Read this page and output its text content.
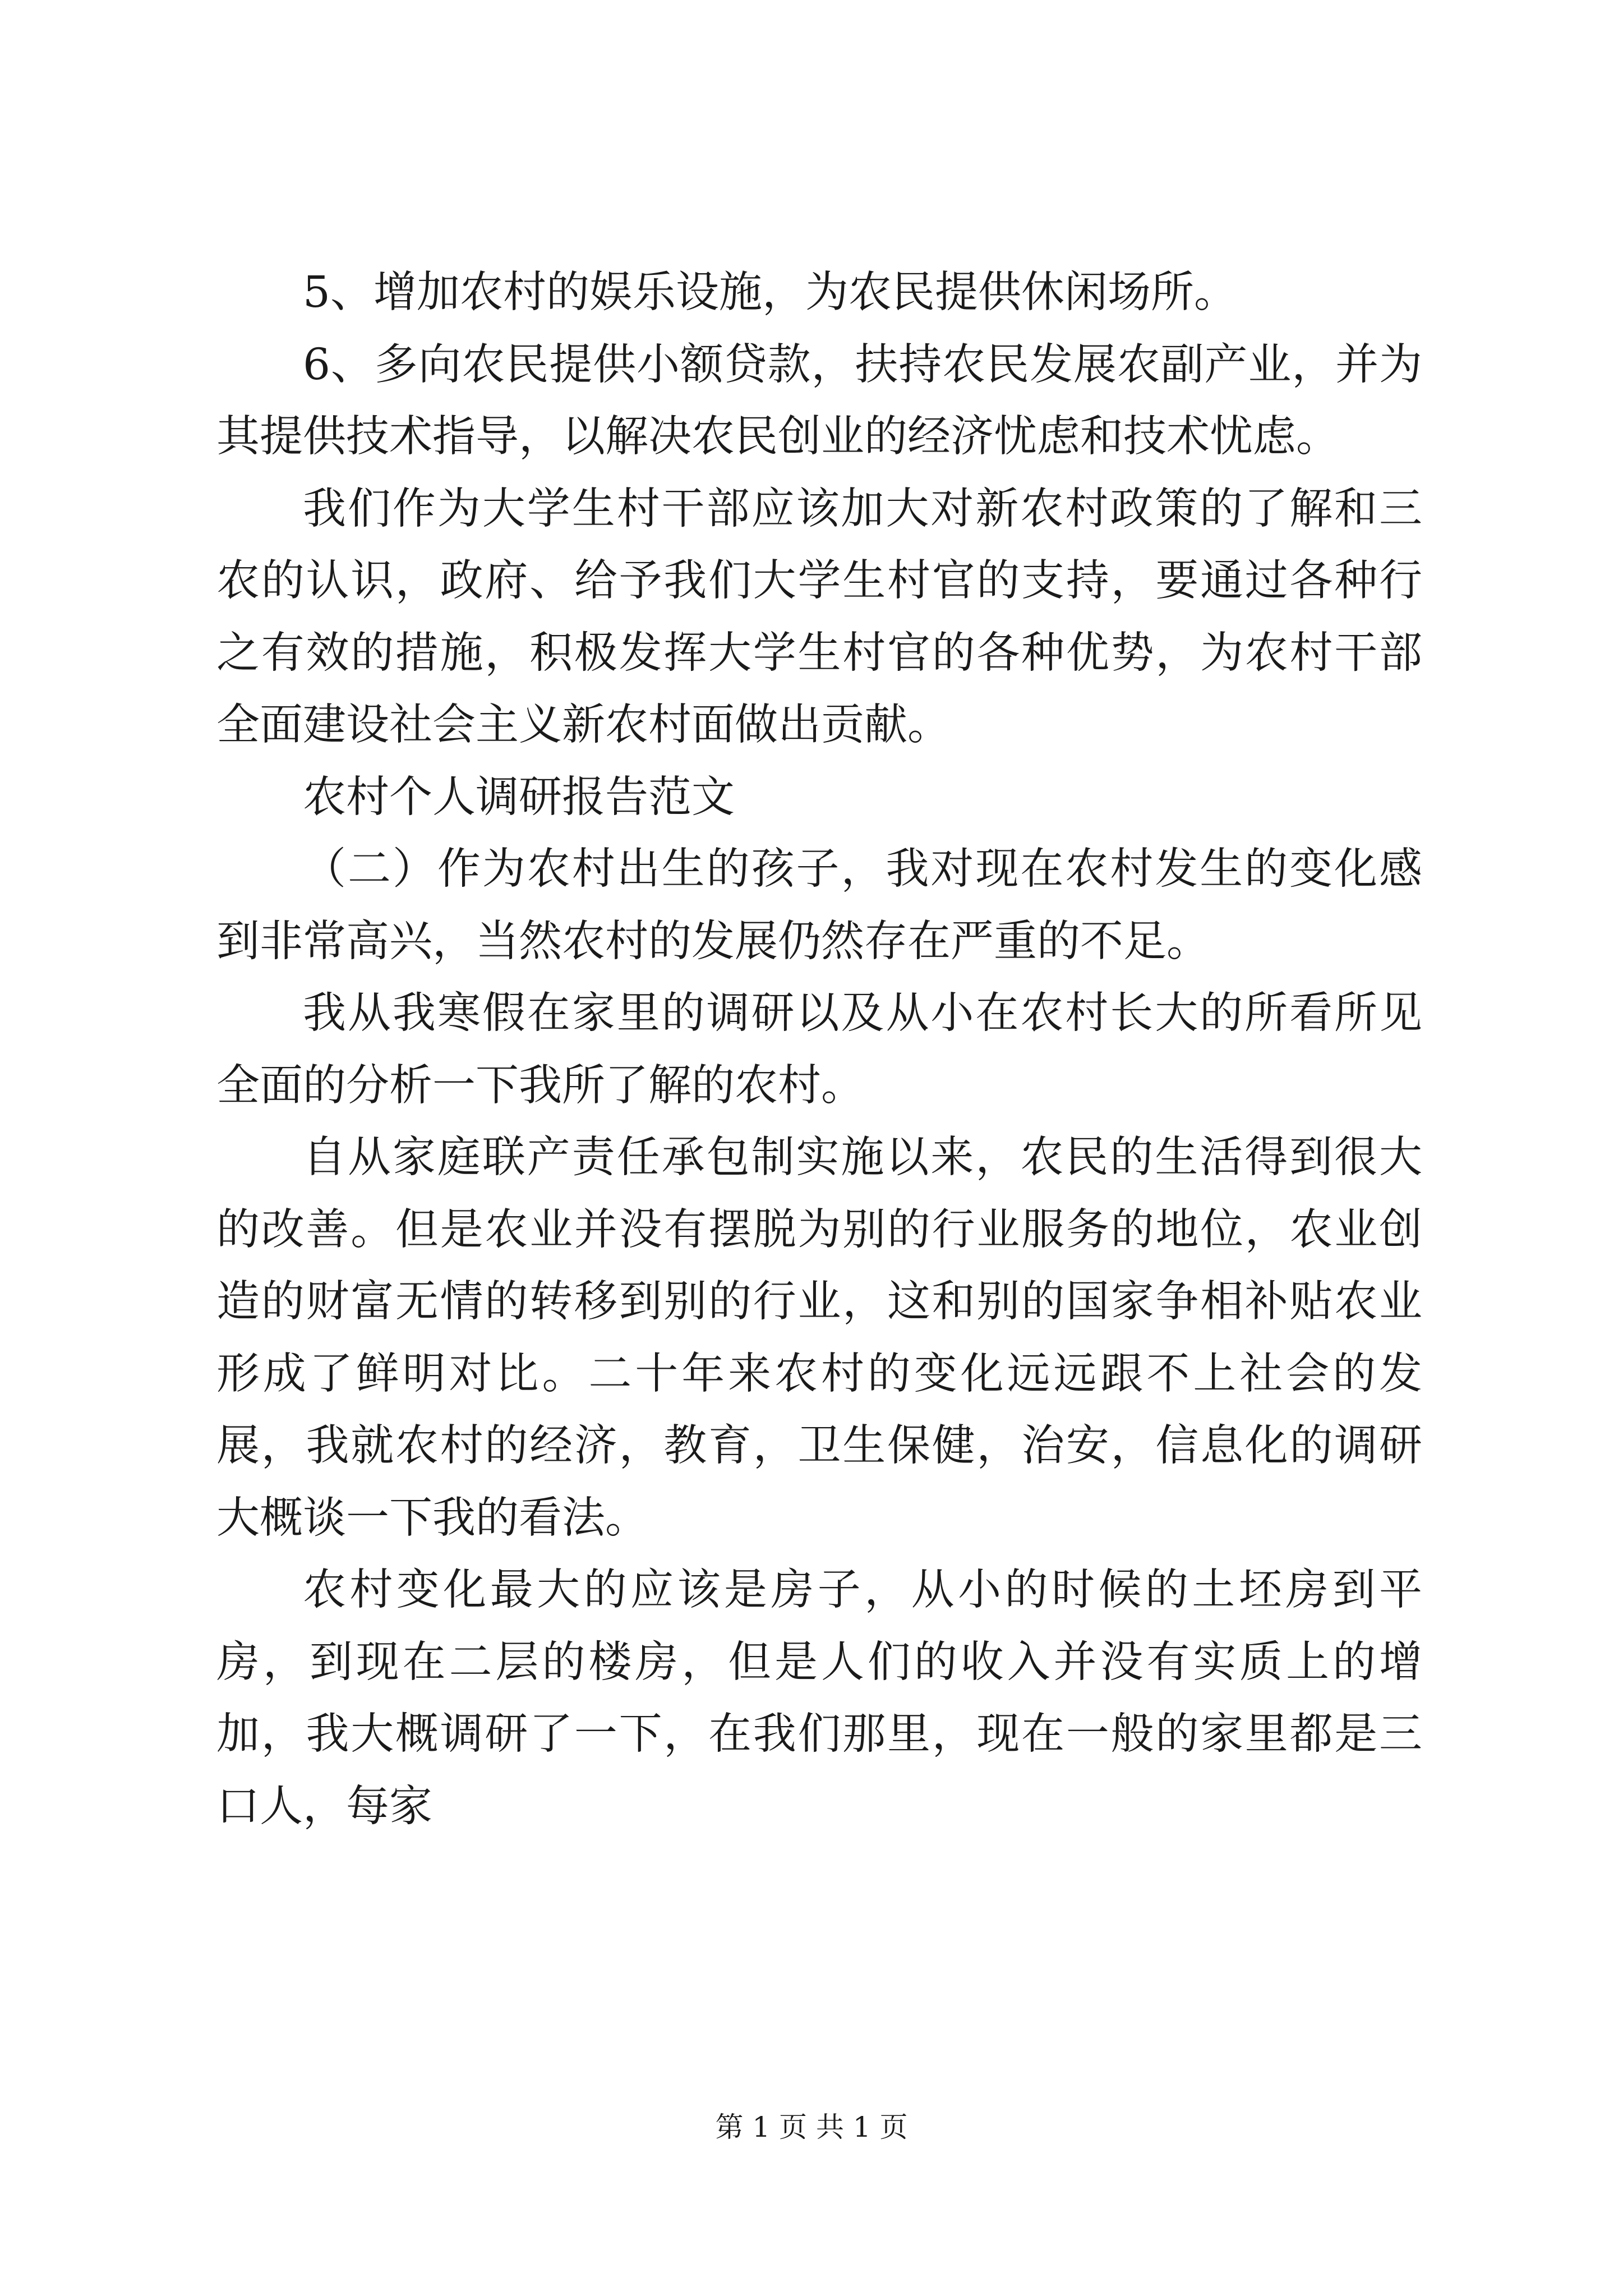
5、增加农村的娱乐设施，为农民提供休闲场所。

6、多向农民提供小额贷款，扶持农民发展农副产业，并为其提供技术指导，以解决农民创业的经济忧虑和技术忧虑。

我们作为大学生村干部应该加大对新农村政策的了解和三农的认识，政府、给予我们大学生村官的支持，要通过各种行之有效的措施，积极发挥大学生村官的各种优势，为农村干部全面建设社会主义新农村面做出贡献。

农村个人调研报告范文

（二）作为农村出生的孩子，我对现在农村发生的变化感到非常高兴，当然农村的发展仍然存在严重的不足。

我从我寒假在家里的调研以及从小在农村长大的所看所见全面的分析一下我所了解的农村。

自从家庭联产责任承包制实施以来，农民的生活得到很大的改善。但是农业并没有摆脱为别的行业服务的地位，农业创造的财富无情的转移到别的行业，这和别的国家争相补贴农业形成了鲜明对比。二十年来农村的变化远远跟不上社会的发展，我就农村的经济，教育，卫生保健，治安，信息化的调研大概谈一下我的看法。

农村变化最大的应该是房子，从小的时候的土坯房到平房，到现在二层的楼房，但是人们的收入并没有实质上的增加，我大概调研了一下，在我们那里，现在一般的家里都是三口人，每家

第 1 页 共 1 页
